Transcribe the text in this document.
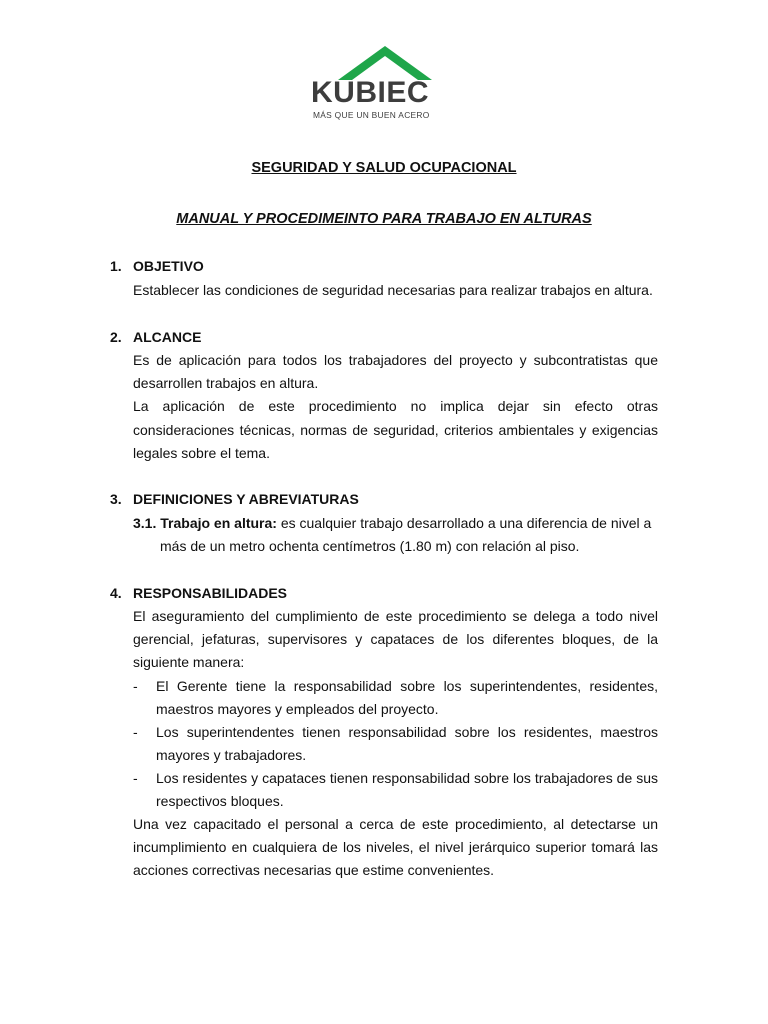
KUBIEC
MÁS QUE UN BUEN ACERO
SEGURIDAD Y SALUD OCUPACIONAL
MANUAL Y PROCEDIMEINTO PARA TRABAJO EN ALTURAS
1. OBJETIVO
Establecer las condiciones de seguridad necesarias para realizar trabajos en altura.
2. ALCANCE
Es de aplicación para todos los trabajadores del proyecto y subcontratistas que
desarrollen trabajos en altura.
La aplicación de este procedimiento no implica dejar sin efecto otras
consideraciones técnicas, normas de seguridad, criterios ambientales y exigencias
legales sobre el tema.
3. DEFINICIONES Y ABREVIATURAS
3.1. Trabajo en altura: es cualquier trabajo desarrollado a una diferencia de nivel a
más de un metro ochenta centímetros (1.80 m) con relación al piso.
4. RESPONSABILIDADES
El aseguramiento del cumplimiento de este procedimiento se delega a todo nivel
gerencial, jefaturas, supervisores y capataces de los diferentes bloques, de la
siguiente manera:
- El Gerente tiene la responsabilidad sobre los superintendentes, residentes,
maestros mayores y empleados del proyecto.
- Los superintendentes tienen responsabilidad sobre los residentes, maestros
mayores y trabajadores.
- Los residentes y capataces tienen responsabilidad sobre los trabajadores de sus
respectivos bloques.
Una vez capacitado el personal a cerca de este procedimiento, al detectarse un
incumplimiento en cualquiera de los niveles, el nivel jerárquico superior tomará las
acciones correctivas necesarias que estime convenientes.
